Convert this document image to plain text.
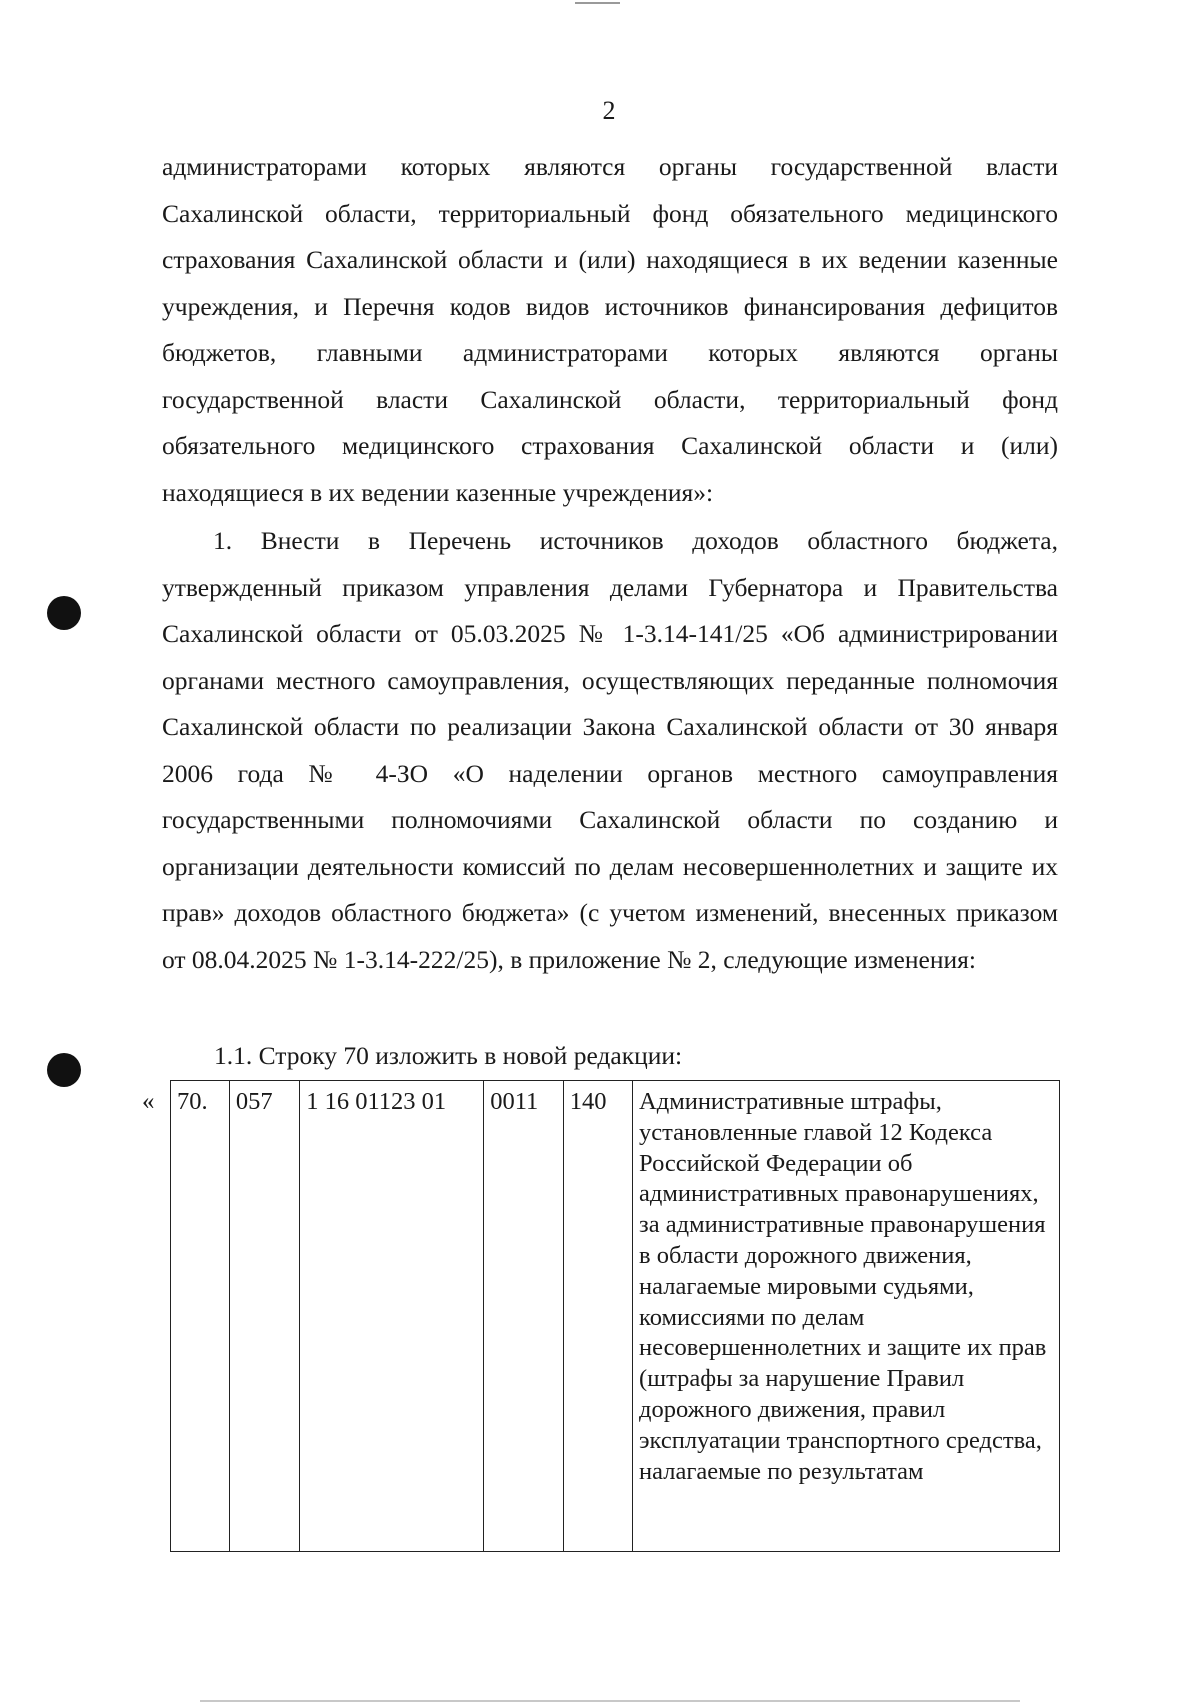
2

администраторами которых являются органы государственной власти Сахалинской области, территориальный фонд обязательного медицинского страхования Сахалинской области и (или) находящиеся в их ведении казенные учреждения, и Перечня кодов видов источников финансирования дефицитов бюджетов, главными администраторами которых являются органы государственной власти Сахалинской области, территориальный фонд обязательного медицинского страхования Сахалинской области и (или) находящиеся в их ведении казенные учреждения»:

1. Внести в Перечень источников доходов областного бюджета, утвержденный приказом управления делами Губернатора и Правительства Сахалинской области от 05.03.2025 № 1-3.14-141/25 «Об администрировании органами местного самоуправления, осуществляющих переданные полномочия Сахалинской области по реализации Закона Сахалинской области от 30 января 2006 года № 4-ЗО «О наделении органов местного самоуправления государственными полномочиями Сахалинской области по созданию и организации деятельности комиссий по делам несовершеннолетних и защите их прав» доходов областного бюджета» (с учетом изменений, внесенных приказом от 08.04.2025 № 1-3.14-222/25), в приложение № 2, следующие изменения:

1.1. Строку 70 изложить в новой редакции:

« 70.	057	1 16 01123 01	0011	140	Административные штрафы, установленные главой 12 Кодекса Российской Федерации об административных правонарушениях, за административные правонарушения в области дорожного движения, налагаемые мировыми судьями, комиссиями по делам несовершеннолетних и защите их прав (штрафы за нарушение Правил дорожного движения, правил эксплуатации транспортного средства, налагаемые по результатам
